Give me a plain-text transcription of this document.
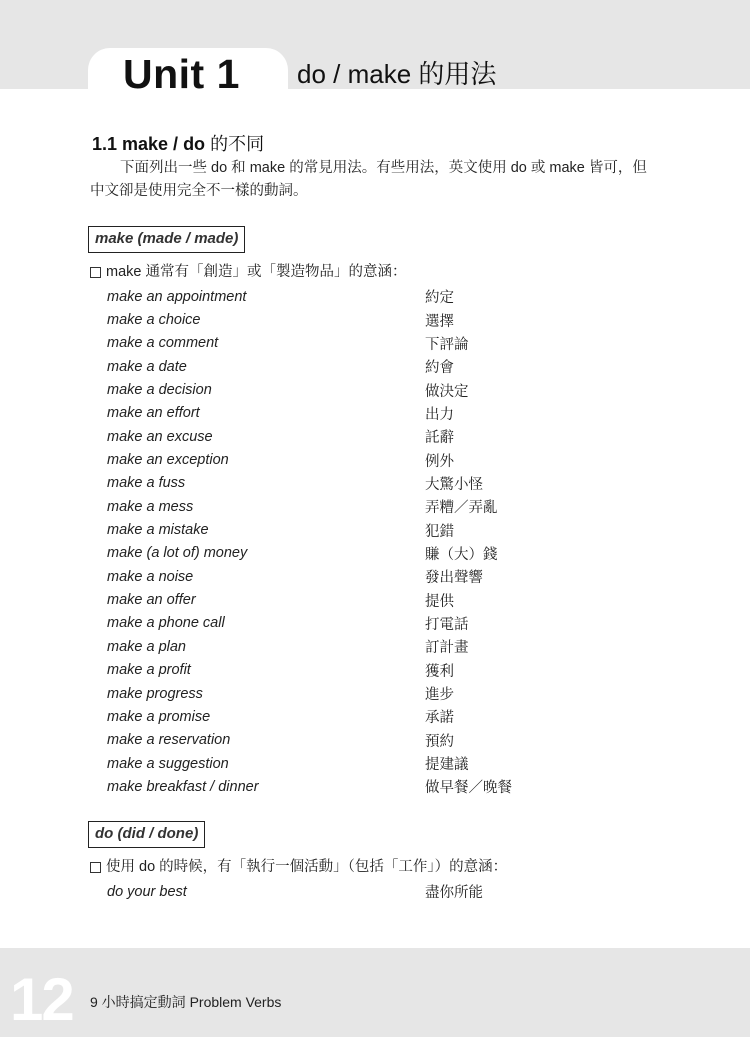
Unit 1 do / make 的用法
1.1 make / do 的不同
下面列出一些 do 和 make 的常見用法。有些用法，英文使用 do 或 make 皆可，但中文卻是使用完全不一樣的動詞。
make (made / made)
make 通常有「創造」或「製造物品」的意涵：
make an appointment	約定
make a choice	選擇
make a comment	下評論
make a date	約會
make a decision	做決定
make an effort	出力
make an excuse	託辭
make an exception	例外
make a fuss	大驚小怪
make a mess	弄糟／弄亂
make a mistake	犯錯
make (a lot of) money	賺（大）錢
make a noise	發出聲響
make an offer	提供
make a phone call	打電話
make a plan	訂計畫
make a profit	獲利
make progress	進步
make a promise	承諾
make a reservation	預約
make a suggestion	提建議
make breakfast / dinner	做早餐／晚餐
do (did / done)
使用 do 的時候，有「執行一個活動」（包括「工作」）的意涵：
do your best	盡你所能
12 9 小時搞定動詞 Problem Verbs
